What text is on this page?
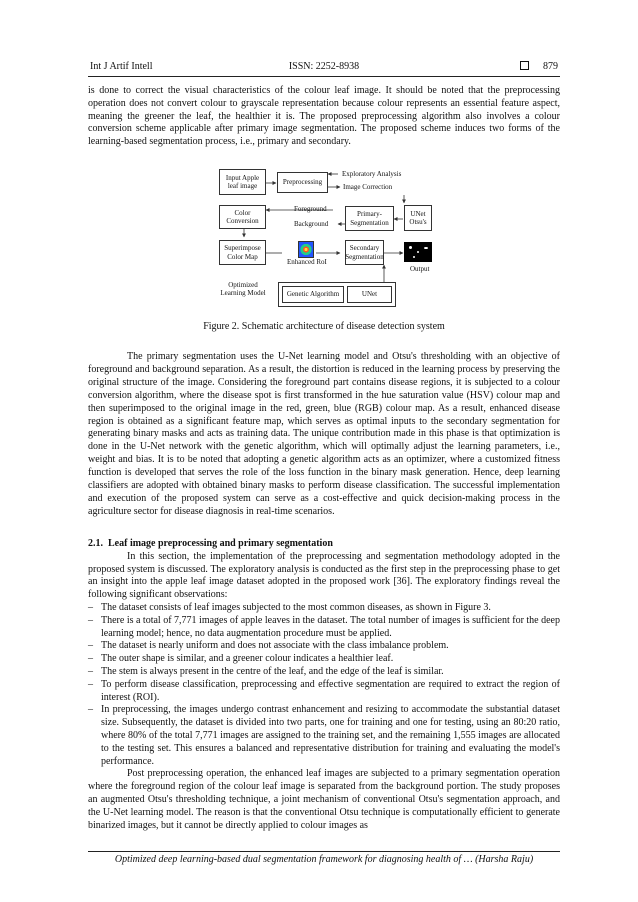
Int J Artif Intell	ISSN: 2252-8938	879

is done to correct the visual characteristics of the colour leaf image. It should be noted that the preprocessing operation does not convert colour to grayscale representation because colour represents an essential feature aspect, meaning the greener the leaf, the healthier it is. The proposed preprocessing algorithm also involves a colour conversion scheme applicable after primary image segmentation. The proposed scheme induces two forms of the learning-based segmentation process, i.e., primary and secondary.

Input Apple leaf image	Preprocessing
Exploratory Analysis
Image Correction
Color Conversion
Foreground
Background
Primary-Segmentation
UNet Otsu's
Superimpose Color Map
Enhanced RoI
Secondary Segmentation
Output
Optimized Learning Model	Genetic Algorithm	UNet
Figure 2. Schematic architecture of disease detection system

The primary segmentation uses the U-Net learning model and Otsu's thresholding with an objective of foreground and background separation. As a result, the distortion is reduced in the learning process by preserving the original structure of the image. Considering the foreground part contains disease regions, it is subjected to a colour conversion algorithm, where the disease spot is first transformed in the hue saturation value (HSV) colour map and then superimposed to the original image in the red, green, blue (RGB) colour map. As a result, enhanced disease region is obtained as a significant feature map, which serves as optimal inputs to the secondary segmentation for generating binary masks and acts as training data. The unique contribution made in this phase is that optimization is done in the U-Net network with the genetic algorithm, which will optimally adjust the learning parameters, i.e., weight and bias. It is to be noted that adopting a genetic algorithm acts as an optimizer, where a customized fitness function is developed that serves the role of the loss function in the binary mask generation. Hence, deep learning classifiers are adopted with obtained binary masks to perform disease classification. The successful implementation and execution of the proposed system can serve as a cost-effective and quick decision-making process in the agriculture sector for disease diagnosis in real-time scenarios.

2.1. Leaf image preprocessing and primary segmentation

In this section, the implementation of the preprocessing and segmentation methodology adopted in the proposed system is discussed. The exploratory analysis is conducted as the first step in the preprocessing phase to get an insight into the apple leaf image dataset adopted in the proposed work [36]. The exploratory findings reveal the following significant observations:

– The dataset consists of leaf images subjected to the most common diseases, as shown in Figure 3.
– There is a total of 7,771 images of apple leaves in the dataset. The total number of images is sufficient for the deep learning model; hence, no data augmentation procedure must be applied.
– The dataset is nearly uniform and does not associate with the class imbalance problem.
– The outer shape is similar, and a greener colour indicates a healthier leaf.
– The stem is always present in the centre of the leaf, and the edge of the leaf is similar.
– To perform disease classification, preprocessing and effective segmentation are required to extract the region of interest (ROI).
– In preprocessing, the images undergo contrast enhancement and resizing to accommodate the substantial dataset size. Subsequently, the dataset is divided into two parts, one for training and one for testing, using an 80:20 ratio, where 80% of the total 7,771 images are assigned to the training set, and the remaining 1,555 images are allocated to the testing set. This ensures a balanced and representative distribution for training and evaluating the model's performance.

Post preprocessing operation, the enhanced leaf images are subjected to a primary segmentation operation where the foreground region of the colour leaf image is separated from the background portion. The study proposes an augmented Otsu's thresholding technique, a joint mechanism of conventional Otsu's segmentation approach, and the U-Net learning model. The reason is that the conventional Otsu technique is computationally efficient to generate binarized images, but it cannot be directly applied to colour images as

Optimized deep learning-based dual segmentation framework for diagnosing health of … (Harsha Raju)
